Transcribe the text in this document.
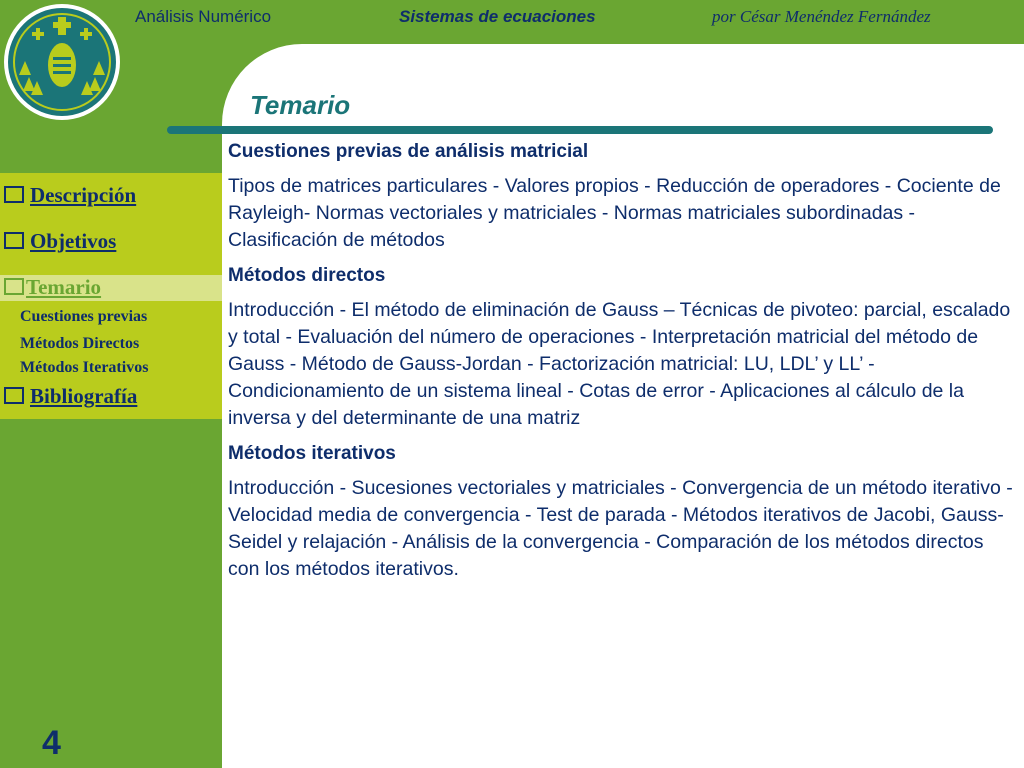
Análisis Numérico	Sistemas de ecuaciones	por César Menéndez Fernández
Temario
Descripción
Objetivos
Temario
Cuestiones previas
Métodos Directos
Métodos Iterativos
Bibliografía
4

Cuestiones previas de análisis matricial

Tipos de matrices particulares - Valores propios - Reducción de operadores - Cociente de Rayleigh- Normas vectoriales y matriciales - Normas matriciales subordinadas - Clasificación de métodos

Métodos directos

Introducción - El método de eliminación de Gauss – Técnicas de pivoteo: parcial, escalado y total - Evaluación del número de operaciones - Interpretación matricial del método de Gauss - Método de Gauss-Jordan - Factorización matricial: LU, LDL’ y LL’ - Condicionamiento de un sistema lineal - Cotas de error - Aplicaciones al cálculo de la inversa y del determinante de una matriz

Métodos iterativos

Introducción - Sucesiones vectoriales y matriciales - Convergencia de un método iterativo - Velocidad media de convergencia - Test de parada - Métodos iterativos de Jacobi, Gauss-Seidel y relajación - Análisis de la convergencia - Comparación de los métodos directos con los métodos iterativos.
